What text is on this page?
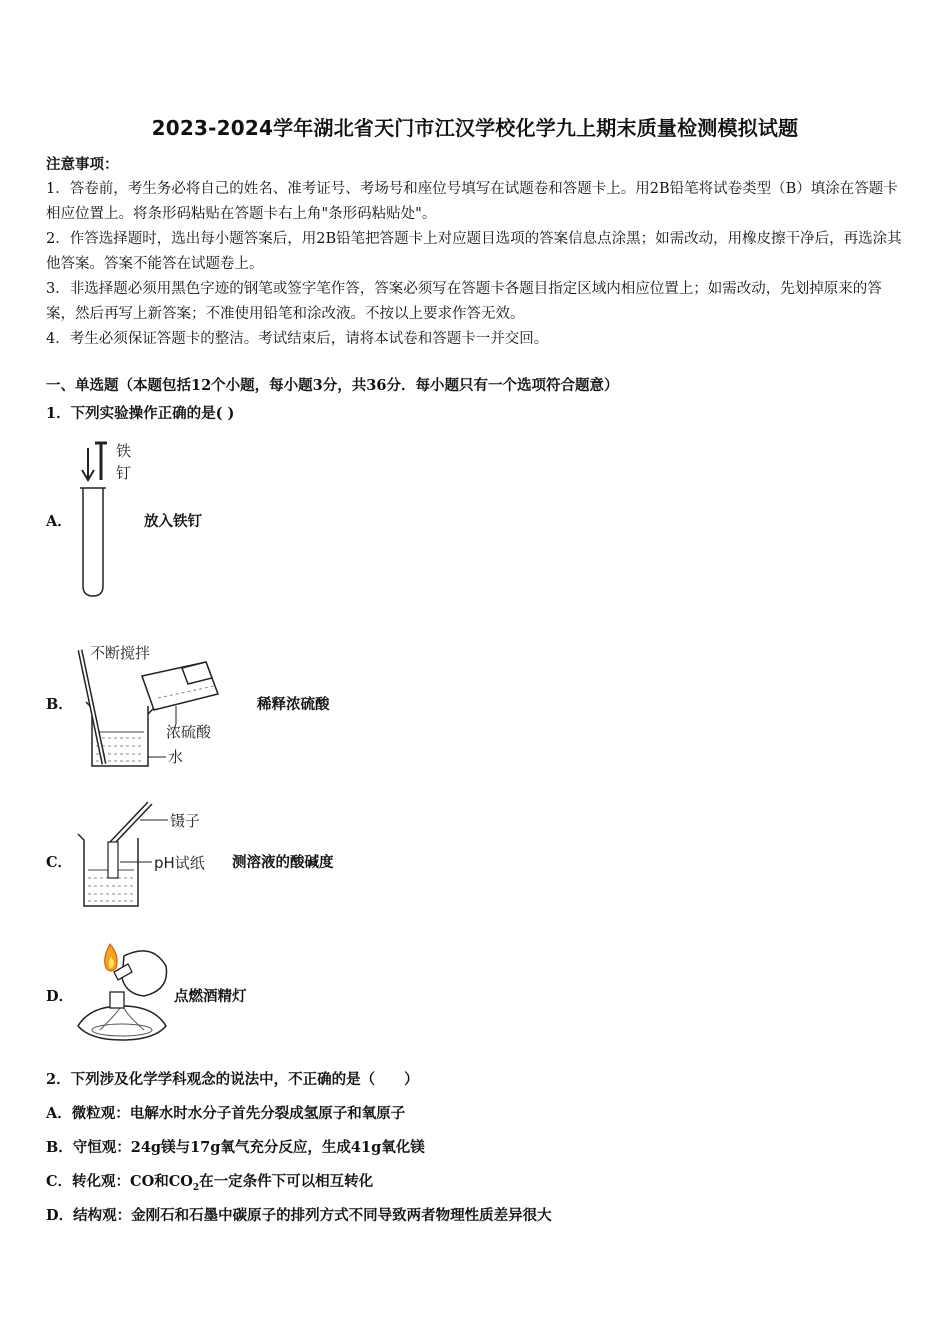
2023-2024学年湖北省天门市江汉学校化学九上期末质量检测模拟试题

注意事项：

1．答卷前，考生务必将自己的姓名、准考证号、考场号和座位号填写在试题卷和答题卡上。用2B铅笔将试卷类型（B）填涂在答题卡相应位置上。将条形码粘贴在答题卡右上角"条形码粘贴处"。

2．作答选择题时，选出每小题答案后，用2B铅笔把答题卡上对应题目选项的答案信息点涂黑；如需改动，用橡皮擦干净后，再选涂其他答案。答案不能答在试题卷上。

3．非选择题必须用黑色字迹的钢笔或签字笔作答，答案必须写在答题卡各题目指定区域内相应位置上；如需改动，先划掉原来的答案，然后再写上新答案；不准使用铅笔和涂改液。不按以上要求作答无效。

4．考生必须保证答题卡的整洁。考试结束后，请将本试卷和答题卡一并交回。

一、单选题（本题包括12个小题，每小题3分，共36分．每小题只有一个选项符合题意）
1．下列实验操作正确的是( )
A．
铁
钉
放入铁钉
B．
不断搅拌
浓硫酸
水
稀释浓硫酸
C．
镊子
pH试纸 测溶液的酸碱度
D．	点燃酒精灯
2．下列涉及化学学科观念的说法中，不正确的是（　　）
A．微粒观：电解水时水分子首先分裂成氢原子和氧原子
B．守恒观：24g镁与17g氧气充分反应，生成41g氧化镁
C．转化观：CO和$CO_2$在一定条件下可以相互转化
D．结构观：金刚石和石墨中碳原子的排列方式不同导致两者物理性质差异很大
